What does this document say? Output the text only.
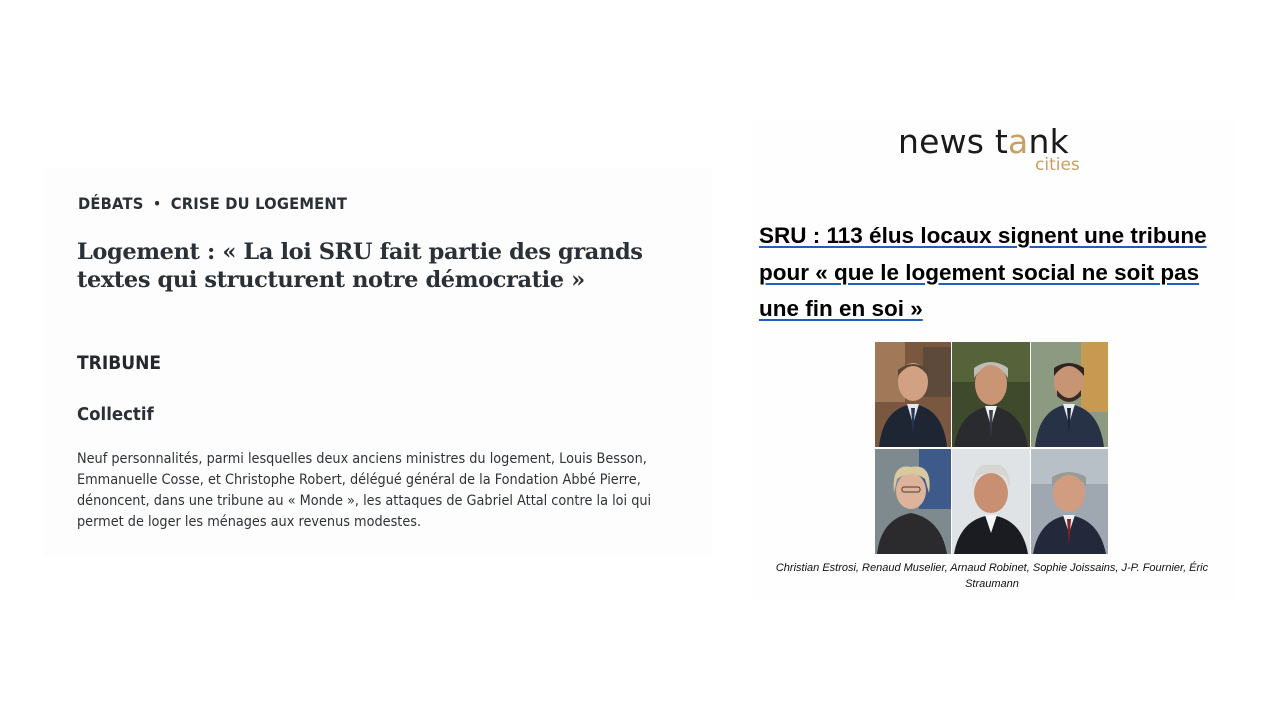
DÉBATS • CRISE DU LOGEMENT
Logement : « La loi SRU fait partie des grands textes qui structurent notre démocratie »
TRIBUNE
Collectif
Neuf personnalités, parmi lesquelles deux anciens ministres du logement, Louis Besson, Emmanuelle Cosse, et Christophe Robert, délégué général de la Fondation Abbé Pierre, dénoncent, dans une tribune au « Monde », les attaques de Gabriel Attal contre la loi qui permet de loger les ménages aux revenus modestes.
news tank
cities
SRU : 113 élus locaux signent une tribune pour « que le logement social ne soit pas une fin en soi »
Christian Estrosi, Renaud Muselier, Arnaud Robinet, Sophie Joissains, J-P. Fournier, Éric Straumann
